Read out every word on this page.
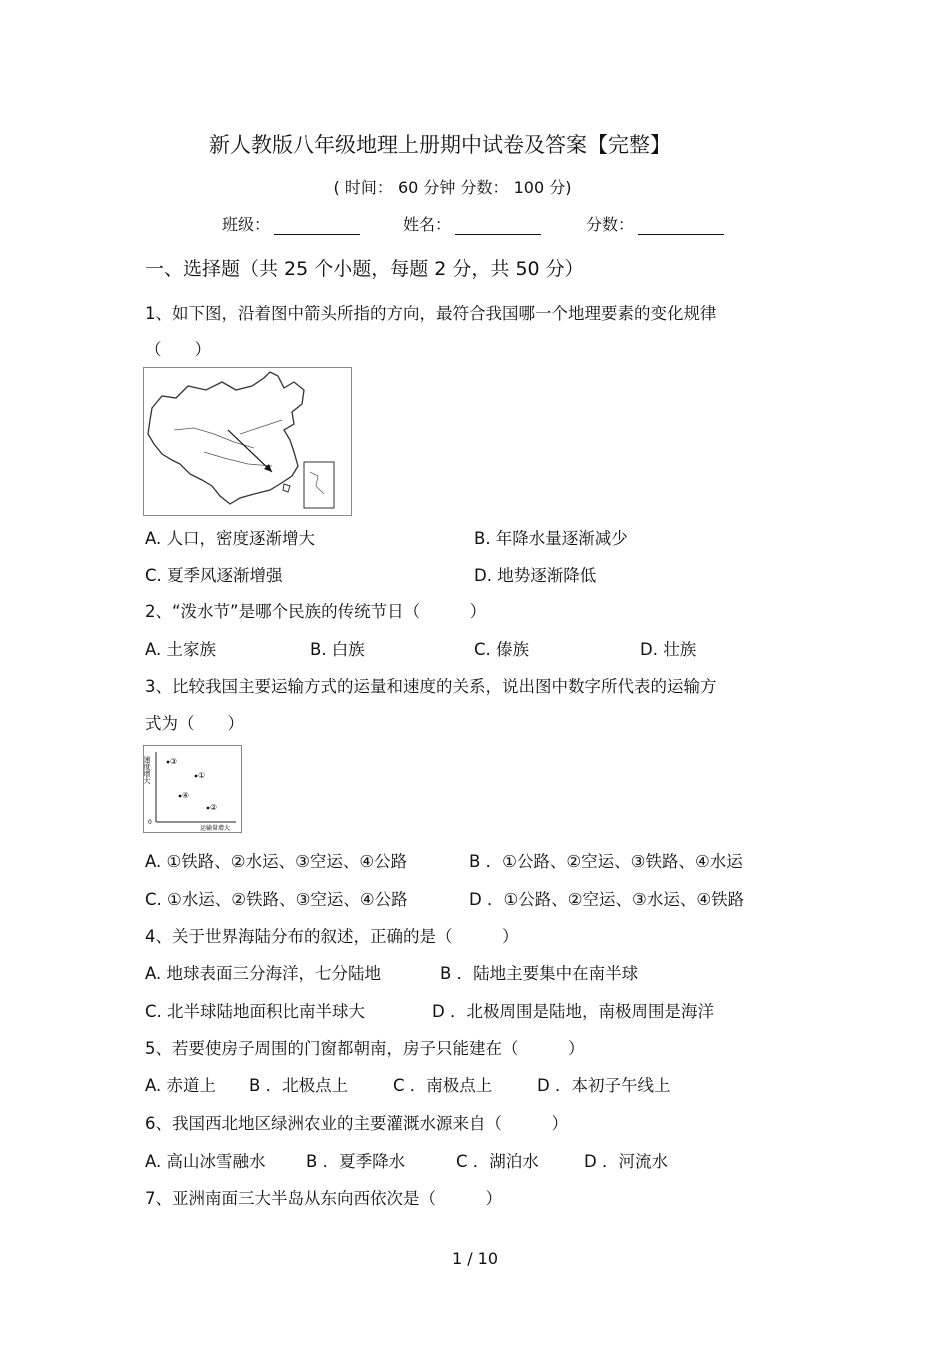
新人教版八年级地理上册期中试卷及答案【完整】
( 时间： 60 分钟 分数： 100 分)
班级：	姓名：	分数：
一、选择题（共 25 个小题，每题 2 分，共 50 分）
1、如下图，沿着图中箭头所指的方向，最符合我国哪一个地理要素的变化规律
（　　）
A. 人口，密度逐渐增大	B. 年降水量逐渐减少
C. 夏季风逐渐增强	D. 地势逐渐降低
2、“泼水节”是哪个民族的传统节日（　　　）
A. 土家族	B. 白族	C. 傣族	D. 壮族
3、比较我国主要运输方式的运量和速度的关系，说出图中数字所代表的运输方
式为（　　）
速度增大
运输量增大
0
③
①
④
②
A. ①铁路、②水运、③空运、④公路	B ．①公路、②空运、③铁路、④水运
C. ①水运、②铁路、③空运、④公路	D ．①公路、②空运、③水运、④铁路
4、关于世界海陆分布的叙述，正确的是（　　　）
A. 地球表面三分海洋，七分陆地	B ．陆地主要集中在南半球
C. 北半球陆地面积比南半球大	D ．北极周围是陆地，南极周围是海洋
5、若要使房子周围的门窗都朝南，房子只能建在（　　　）
A. 赤道上 B ．北极点上	C ．南极点上	D ．本初子午线上
6、我国西北地区绿洲农业的主要灌溉水源来自（　　　）
A. 高山冰雪融水 B ．夏季降水	C ．湖泊水	D ．河流水
7、亚洲南面三大半岛从东向西依次是（　　　）
1 / 10
